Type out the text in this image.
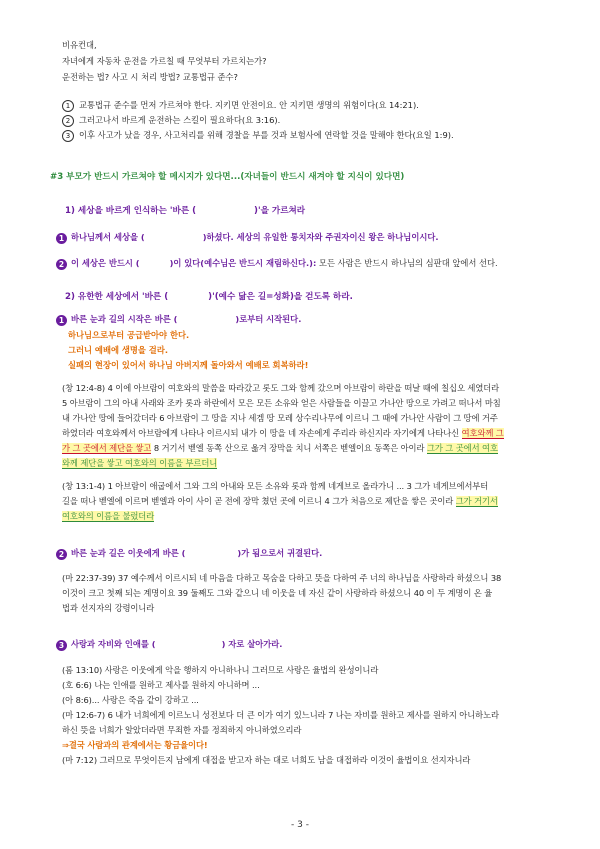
비유컨대,
자녀에게 자동차 운전을 가르칠 때 무엇부터 가르치는가?
운전하는 법? 사고 시 처리 방법? 교통법규 준수?
1 교통법규 준수를 먼저 가르쳐야 한다. 지키면 안전이요. 안 지키면 생명의 위험이다(요 14:21).
2 그러고나서 바르게 운전하는 스킬이 필요하다(요 3:16).
3 이후 사고가 났을 경우, 사고처리를 위해 경찰을 부를 것과 보험사에 연락할 것을 말해야 한다(요일 1:9).
#3 부모가 반드시 가르쳐야 할 메시지가 있다면...(자녀들이 반드시 새겨야 할 지식이 있다면)
1) 세상을 바르게 인식하는 '바른 (	)'을 가르쳐라
1 하나님께서 세상을 (	)하셨다. 세상의 유일한 통치자와 주권자이신 왕은 하나님이시다.
2 이 세상은 반드시 (	)이 있다(예수님은 반드시 재림하신다.): 모든 사람은 반드시 하나님의 심판대 앞에서 선다.
2) 유한한 세상에서 '바른 (	)'(예수 닮은 길=성화)을 걷도록 하라.
1 바른 눈과 길의 시작은 바른 (	)로부터 시작된다.
하나님으로부터 공급받아야 한다.
그러니 예배에 생명을 걸라.
실패의 현장이 있어서 하나님 아버지께 돌아와서 예배로 회복하라!
(창 12:4-8) 4 이에 아브람이 여호와의 말씀을 따라갔고 롯도 그와 함께 갔으며 아브람이 하란을 떠날 때에 칠십오 세였더라
5 아브람이 그의 아내 사래와 조카 롯과 하란에서 모은 모든 소유와 얻은 사람들을 이끌고 가나안 땅으로 가려고 떠나서 마침
내 가나안 땅에 들어갔더라 6 아브람이 그 땅을 지나 세겜 땅 모레 상수리나무에 이르니 그 때에 가나안 사람이 그 땅에 거주
하였더라 여호와께서 아브람에게 나타나 이르시되 내가 이 땅을 네 자손에게 주리라 하신지라 자기에게 나타나신 여호와께 그
가 그 곳에서 제단을 쌓고 8 거기서 벧엘 동쪽 산으로 옮겨 장막을 치니 서쪽은 벧엘이요 동쪽은 아이라 그가 그 곳에서 여호
와께 제단을 쌓고 여호와의 이름을 부르더니
(창 13:1-4) 1 아브람이 애굽에서 그와 그의 아내와 모든 소유와 롯과 함께 네게브로 올라가니 ... 3 그가 네게브에서부터
길을 떠나 벧엘에 이르며 벧엘과 아이 사이 곧 전에 장막 쳤던 곳에 이르니 4 그가 처음으로 제단을 쌓은 곳이라 그가 거기서
여호와의 이름을 불렀더라
2 바른 눈과 길은 이웃에게 바른 (	)가 됨으로서 귀결된다.
(마 22:37-39) 37 예수께서 이르시되 네 마음을 다하고 목숨을 다하고 뜻을 다하여 주 너의 하나님을 사랑하라 하셨으니 38
이것이 크고 첫째 되는 계명이요 39 둘째도 그와 같으니 네 이웃을 네 자신 같이 사랑하라 하셨으니 40 이 두 계명이 온 율
법과 선지자의 강령이니라
3 사랑과 자비와 인애를 (	) 자로 살아가라.
(롬 13:10) 사랑은 이웃에게 악을 행하지 아니하나니 그러므로 사랑은 율법의 완성이니라
(호 6:6) 나는 인애를 원하고 제사를 원하지 아니하며 ...
(아 8:6)... 사랑은 죽음 같이 강하고 ...
(마 12:6-7) 6 내가 너희에게 이르노니 성전보다 더 큰 이가 여기 있느니라 7 나는 자비를 원하고 제사를 원하지 아니하노라
하신 뜻을 너희가 알았더라면 무죄한 자를 정죄하지 아니하였으리라
⇒결국 사람과의 관계에서는 황금율이다!
(마 7:12) 그러므로 무엇이든지 남에게 대접을 받고자 하는 대로 너희도 남을 대접하라 이것이 율법이요 선지자니라
- 3 -
